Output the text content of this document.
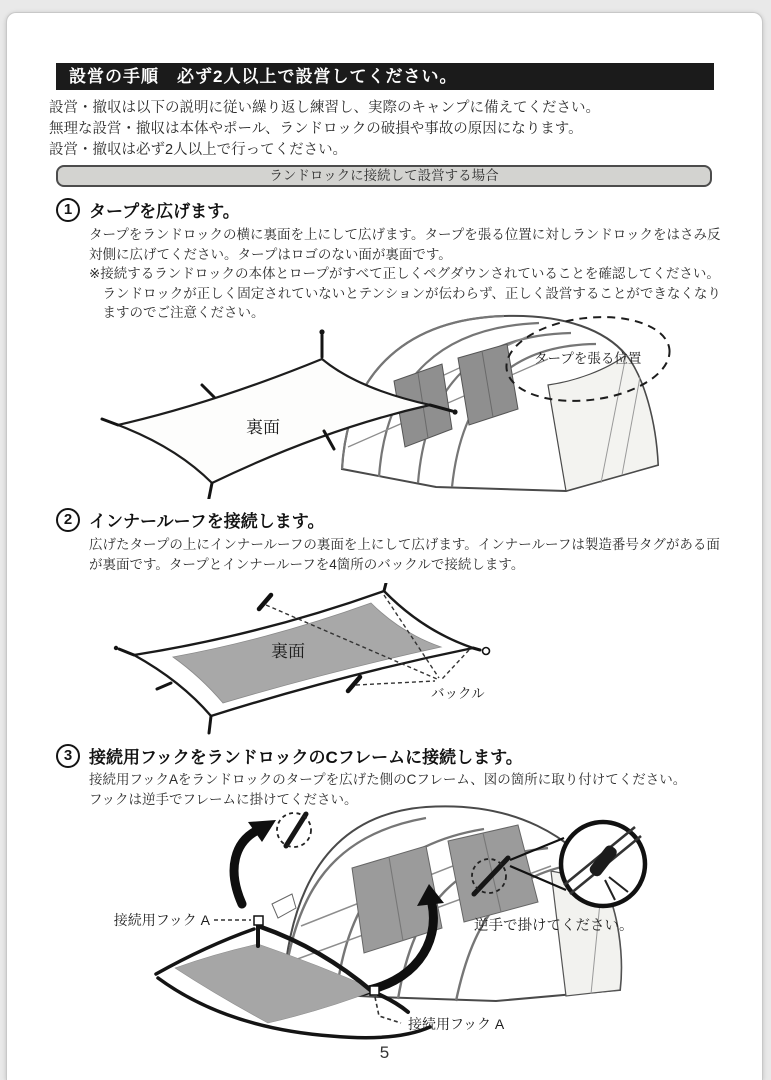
設営の手順　必ず2人以上で設営してください。
設営・撤収は以下の説明に従い繰り返し練習し、実際のキャンプに備えてください。
無理な設営・撤収は本体やポール、ランドロックの破損や事故の原因になります。
設営・撤収は必ず2人以上で行ってください。
ランドロックに接続して設営する場合
1 タープを広げます。

タープをランドロックの横に裏面を上にして広げます。タープを張る位置に対しランドロックをはさみ反対側に広げてください。タープはロゴのない面が裏面です。

※接続するランドロックの本体とロープがすべて正しくペグダウンされていることを確認してください。ランドロックが正しく固定されていないとテンションが伝わらず、正しく設営することができなくなりますのでご注意ください。

裏面
タープを張る位置
2 インナールーフを接続します。

広げたタープの上にインナールーフの裏面を上にして広げます。インナールーフは製造番号タグがある面が裏面です。タープとインナールーフを4箇所のバックルで接続します。

裏面
バックル
3 接続用フックをランドロックのCフレームに接続します。

接続用フックAをランドロックのタープを広げた側のCフレーム、図の箇所に取り付けてください。

フックは逆手でフレームに掛けてください。

接続用フック A
接続用フック A
逆手で掛けてください。
5
